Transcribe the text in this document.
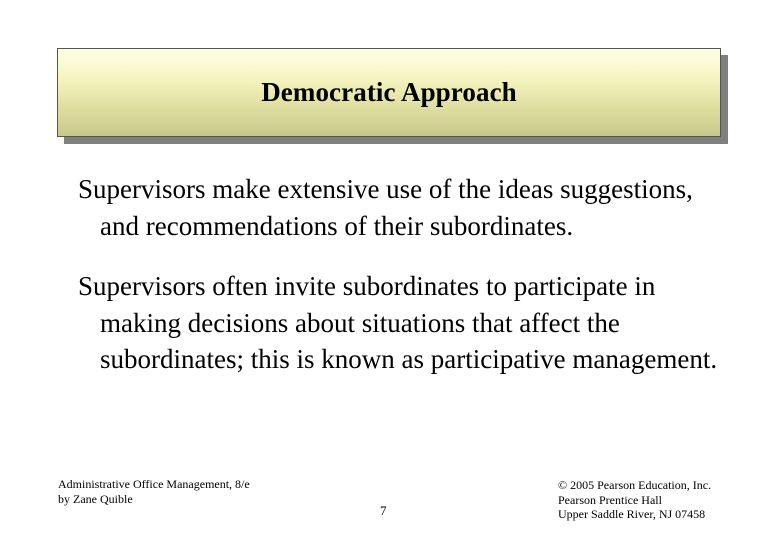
Democratic Approach
Supervisors make extensive use of the ideas suggestions, and recommendations of their subordinates.
Supervisors often invite subordinates to participate in making decisions about situations that affect the subordinates; this is known as participative management.
Administrative Office Management, 8/e
by Zane Quible
7
© 2005 Pearson Education, Inc.
Pearson Prentice Hall
Upper Saddle River, NJ 07458
